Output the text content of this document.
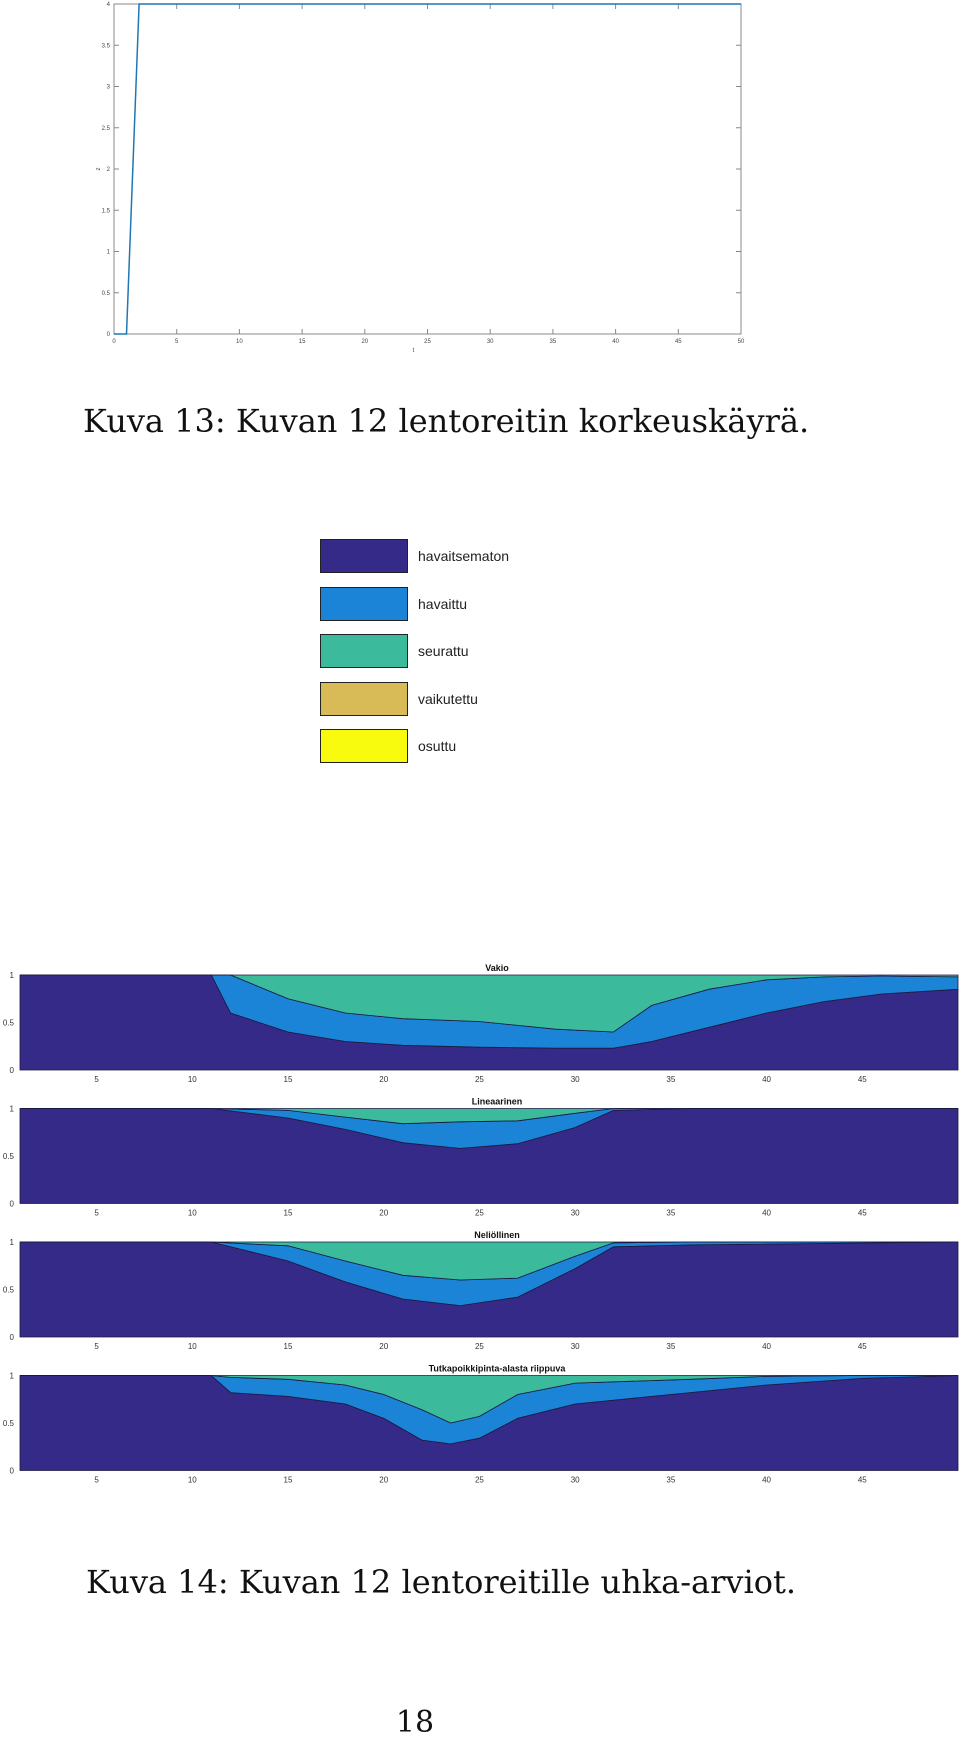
0	5	10	15	20	25	30	35	40	45	50
0
0.5
1
1.5
2
2.5
3
3.5
4
t
z
Kuva 13: Kuvan 12 lentoreitin korkeuskäyrä.
havaitsematon
havaittu
seurattu
vaikutettu
osuttu
Vakio
0
0.5
1
5	10	15	20	25	30	35	40	45
Lineaarinen
0
0.5
1
5	10	15	20	25	30	35	40	45
Neliöllinen
0
0.5
1
5	10	15	20	25	30	35	40	45
Tutkapoikkipinta-alasta riippuva
0
0.5
1
5	10	15	20	25	30	35	40	45
Kuva 14: Kuvan 12 lentoreitille uhka-arviot.
18
